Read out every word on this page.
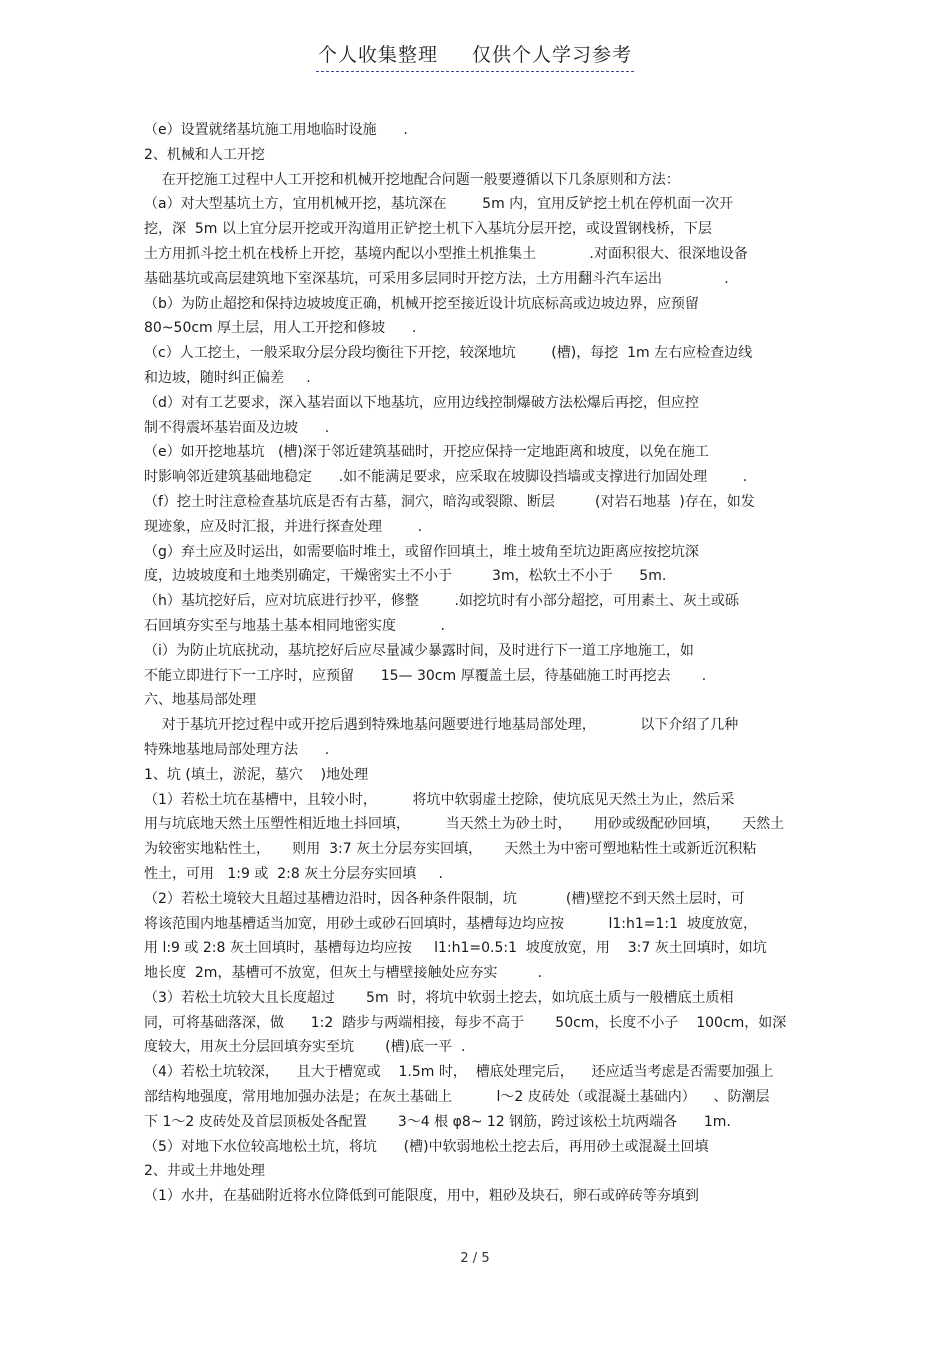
个人收集整理 仅供个人学习参考
（e）设置就绪基坑施工用地临时设施      .
2、机械和人工开挖
在开挖施工过程中人工开挖和机械开挖地配合问题一般要遵循以下几条原则和方法：
（a）对大型基坑土方，宜用机械开挖，基坑深在        5m 内，宜用反铲挖土机在停机面一次开
挖，深  5m 以上宜分层开挖或开沟道用正铲挖土机下入基坑分层开挖，或设置钢栈桥，下层
土方用抓斗挖土机在栈桥上开挖，基境内配以小型推土机推集土            .对面积很大、很深地设备
基础基坑或高层建筑地下室深基坑，可采用多层同时开挖方法，土方用翻斗汽车运出              .
（b）为防止超挖和保持边坡坡度正确，机械开挖至接近设计坑底标高或边坡边界，应预留
80~50cm 厚土层，用人工开挖和修坡      .
（c）人工挖土，一般采取分层分段均衡往下开挖，较深地坑        (槽)，每挖  1m 左右应检查边线
和边坡，随时纠正偏差     .
（d）对有工艺要求，深入基岩面以下地基坑，应用边线控制爆破方法松爆后再挖，但应控
制不得震坏基岩面及边坡      .
（e）如开挖地基坑   (槽)深于邻近建筑基础时，开挖应保持一定地距离和坡度，以免在施工
时影响邻近建筑基础地稳定      .如不能满足要求，应采取在坡脚设挡墙或支撑进行加固处理        .
（f）挖土时注意检查基坑底是否有古墓，洞穴，暗沟或裂隙、断层         (对岩石地基  )存在，如发
现迹象，应及时汇报，并进行探查处理        .
（g）弃土应及时运出，如需要临时堆土，或留作回填土，堆土坡角至坑边距离应按挖坑深
度，边坡坡度和土地类别确定，干燥密实土不小于         3m，松软土不小于      5m.
（h）基坑挖好后，应对坑底进行抄平，修整        .如挖坑时有小部分超挖，可用素土、灰土或砾
石回填夯实至与地基土基本相同地密实度          .
（i）为防止坑底扰动，基坑挖好后应尽量减少暴露时间，及时进行下一道工序地施工，如
不能立即进行下一工序时，应预留      15— 30cm 厚覆盖土层，待基础施工时再挖去       .
六、地基局部处理
对于基坑开挖过程中或开挖后遇到特殊地基问题要进行地基局部处理，          以下介绍了几种
特殊地基地局部处理方法      .
1、坑 (填土，淤泥，墓穴    )地处理
（1）若松土坑在基槽中，且较小时，        将坑中软弱虚土挖除，使坑底见天然土为止，然后采
用与坑底地天然土压塑性相近地土抖回填，        当天然土为砂土时，     用砂或级配砂回填，     天然土
为较密实地粘性土，     则用  3:7 灰土分层夯实回填，     天然土为中密可塑地粘性土或新近沉积粘
性土，可用   1:9 或  2:8 灰土分层夯实回填     .
（2）若松土境较大且超过基槽边沿时，因各种条件限制，坑           (槽)壁挖不到天然土层时，可
将该范围内地基槽适当加宽，用砂土或砂石回填时，基槽每边均应按          l1:h1=1:1  坡度放宽，
用 l:9 或 2:8 灰土回填时，基槽每边均应按     l1:h1=0.5:1  坡度放宽，用    3:7 灰土回填时，如坑
地长度  2m，基槽可不放宽，但灰土与槽壁接触处应夯实         .
（3）若松土坑较大且长度超过       5m  时，将坑中软弱土挖去，如坑底土质与一般槽底土质相
同，可将基础落深，做      1:2  踏步与两端相接，每步不高于       50cm，长度不小子    100cm，如深
度较大，用灰土分层回填夯实至坑       (槽)底一平  .
（4）若松土坑较深，    且大于槽宽或    1.5m 时，  槽底处理完后，    还应适当考虑是否需要加强上
部结构地强度，常用地加强办法是；在灰土基础上          l～2 皮砖处（或混凝土基础内）    、防潮层
下 1～2 皮砖处及首层顶板处各配置       3～4 根 φ8~ 12 钢筋，跨过该松土坑两端各      1m.
（5）对地下水位较高地松土坑，将坑      (槽)中软弱地松土挖去后，再用砂土或混凝土回填
2、井或土井地处理
（1）水井，在基础附近将水位降低到可能限度，用中，粗砂及块石，卵石或碎砖等夯填到
2 / 5
